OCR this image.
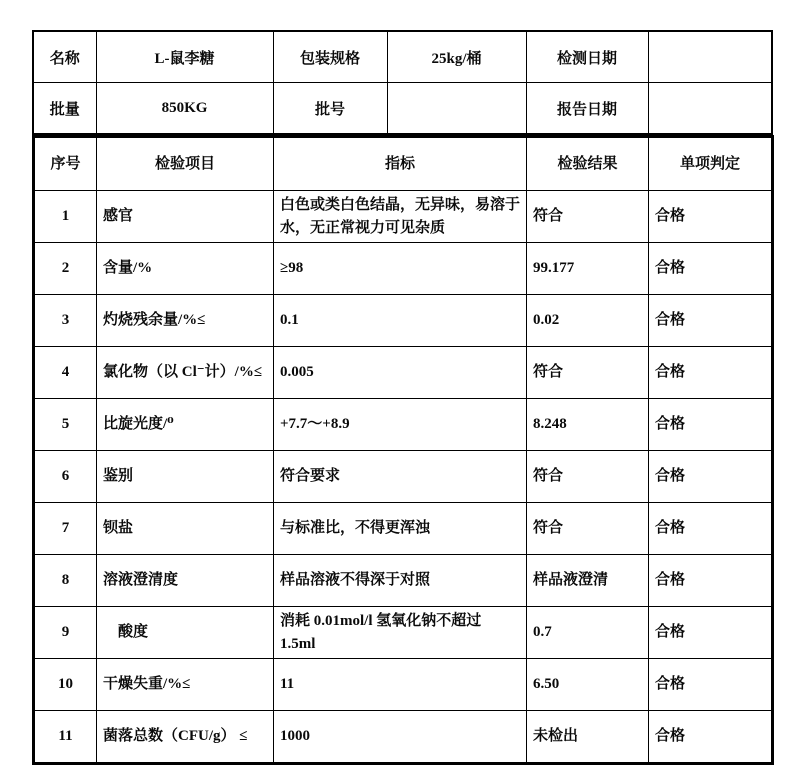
名称	L-鼠李糖	包装规格	25kg/桶	检测日期	
批量	850KG	批号		报告日期	
序号	检验项目	指标	检验结果	单项判定
1	感官	白色或类白色结晶，无异味，易溶于水，无正常视力可见杂质	符合	合格
2	含量/%	≥98	99.177	合格
3	灼烧残余量/%≤	0.1	0.02	合格
4	氯化物（以 Cl⁻计）/%≤	0.005	符合	合格
5	比旋光度/⁰	+7.7～+8.9	8.248	合格
6	鉴别	符合要求	符合	合格
7	钡盐	与标准比，不得更浑浊	符合	合格
8	溶液澄清度	样品溶液不得深于对照	样品液澄清	合格
9	酸度	消耗 0.01mol/l 氢氧化钠不超过 1.5ml	0.7	合格
10	干燥失重/%≤	11	6.50	合格
11	菌落总数（CFU/g） ≤	1000	未检出	合格
